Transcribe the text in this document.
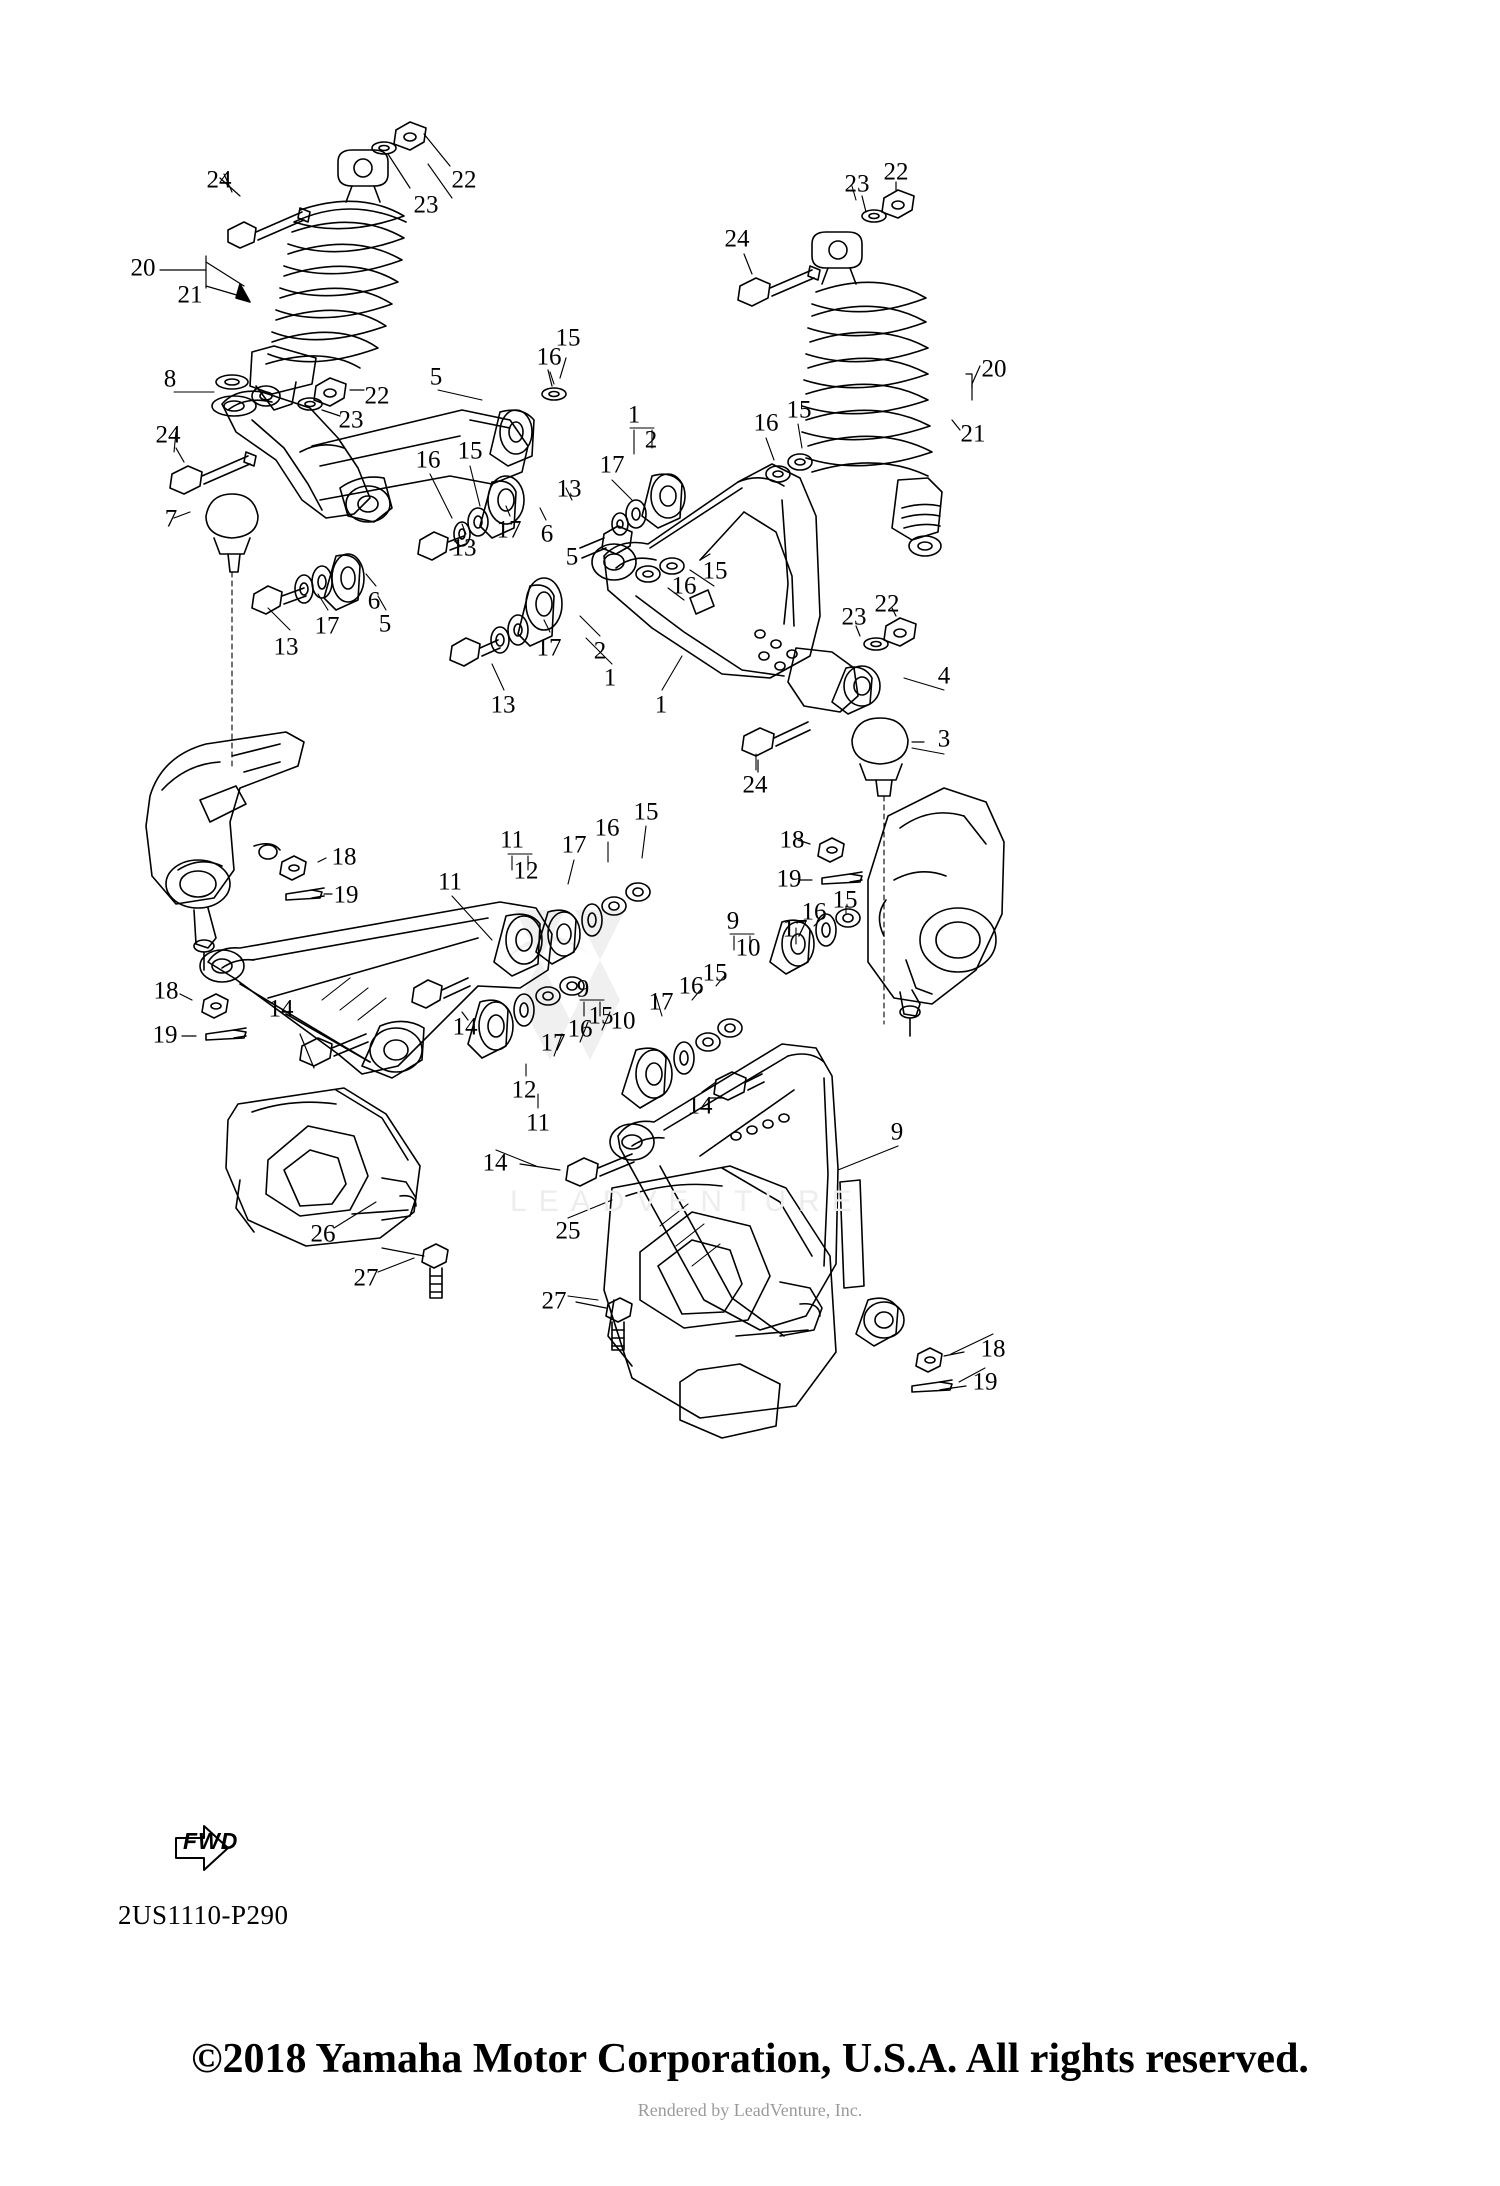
LEADVENTURE
FWD
2US1110-P290
24	22
23
20
21
23 22
24
20
21
8
22
23
5
16
15
1
2
16 15
24
7
16 15
17
13
13
6
5
17
15
16
13
17
6
5
17 2
1
13	1
23 22
4
3
24
18
19
11
12
17
16
15
18
19
9
10
17
16 15
11
18
19
14
14
9
15
16
17
10
17
16 15
12
11
14
9
14
25
26
27
27
18
19
©2018 Yamaha Motor Corporation, U.S.A. All rights reserved.
Rendered by LeadVenture, Inc.
